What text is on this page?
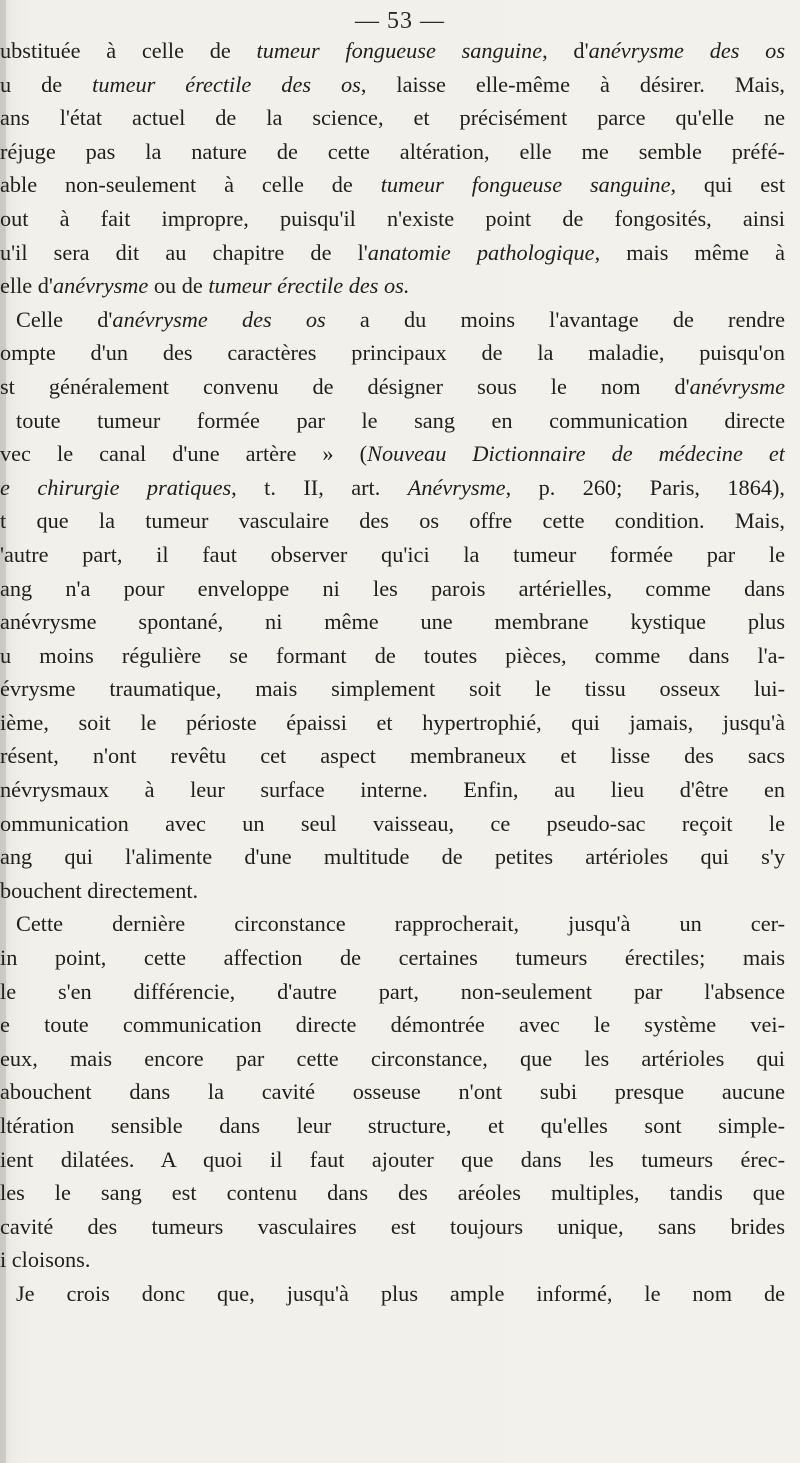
— 53 —
ubstituée à celle de tumeur fongueuse sanguine, d'anévrysme des os
u de tumeur érectile des os, laisse elle-même à désirer. Mais,
ans l'état actuel de la science, et précisément parce qu'elle ne
réjuge pas la nature de cette altération, elle me semble préfé-
able non-seulement à celle de tumeur fongueuse sanguine, qui est
out à fait impropre, puisqu'il n'existe point de fongosités, ainsi
u'il sera dit au chapitre de l'anatomie pathologique, mais même à
elle d'anévrysme ou de tumeur érectile des os.
Celle d'anévrysme des os a du moins l'avantage de rendre
ompte d'un des caractères principaux de la maladie, puisqu'on
st généralement convenu de désigner sous le nom d'anévrysme
toute tumeur formée par le sang en communication directe
vec le canal d'une artère » (Nouveau Dictionnaire de médecine et
e chirurgie pratiques, t. II, art. Anévrysme, p. 260; Paris, 1864),
t que la tumeur vasculaire des os offre cette condition. Mais,
'autre part, il faut observer qu'ici la tumeur formée par le
ang n'a pour enveloppe ni les parois artérielles, comme dans
anévrysme spontané, ni même une membrane kystique plus
u moins régulière se formant de toutes pièces, comme dans l'a-
évrysme traumatique, mais simplement soit le tissu osseux lui-
ième, soit le périoste épaissi et hypertrophié, qui jamais, jusqu'à
résent, n'ont revêtu cet aspect membraneux et lisse des sacs
névrysmaux à leur surface interne. Enfin, au lieu d'être en
ommunication avec un seul vaisseau, ce pseudo-sac reçoit le
ang qui l'alimente d'une multitude de petites artérioles qui s'y
bouchent directement.
Cette dernière circonstance rapprocherait, jusqu'à un cer-
in point, cette affection de certaines tumeurs érectiles; mais
le s'en différencie, d'autre part, non-seulement par l'absence
e toute communication directe démontrée avec le système vei-
eux, mais encore par cette circonstance, que les artérioles qui
abouchent dans la cavité osseuse n'ont subi presque aucune
ltération sensible dans leur structure, et qu'elles sont simple-
ient dilatées. A quoi il faut ajouter que dans les tumeurs érec-
les le sang est contenu dans des aréoles multiples, tandis que
cavité des tumeurs vasculaires est toujours unique, sans brides
i cloisons.
Je crois donc que, jusqu'à plus ample informé, le nom de
